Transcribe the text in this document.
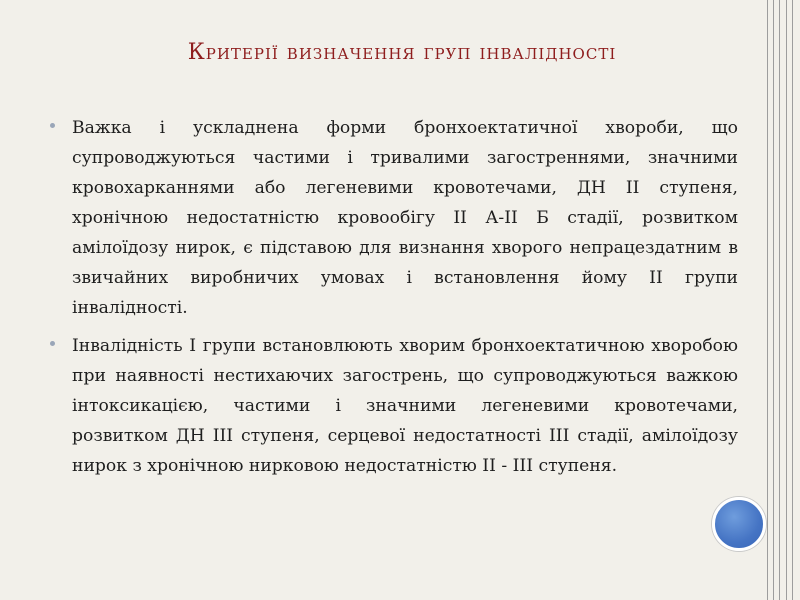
Критерії визначення груп інвалідності
Важка і ускладнена форми бронхоектатичної хвороби, що супроводжуються частими і тривалими загостреннями, значними кровохарканнями або легеневими кровотечами, ДН II ступеня, хронічною недостатністю кровообігу II А-II Б стадії, розвитком амілоїдозу нирок, є підставою для визнання хворого непрацездатним в звичайних виробничих умовах і встановлення йому II групи інвалідності.
Інвалідність I групи встановлюють хворим бронхоектатичною хворобою при наявності нестихаючих загострень, що супроводжуються важкою інтоксикацією, частими і значними легеневими кровотечами, розвитком ДН III ступеня, серцевої недостатності III стадії, амілоїдозу нирок з хронічною нирковою недостатністю II - III ступеня.
